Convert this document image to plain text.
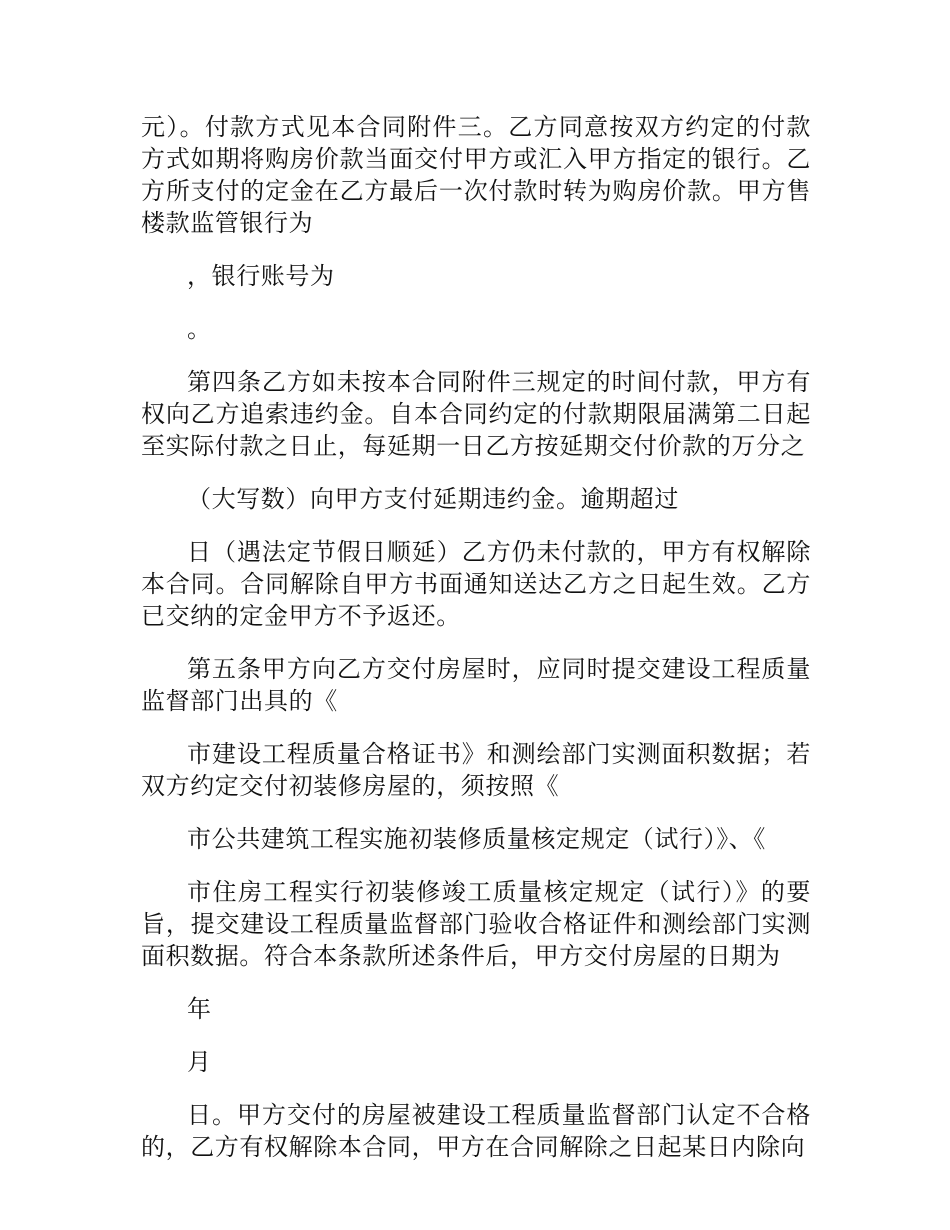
元）。付款方式见本合同附件三。乙方同意按双方约定的付款方式如期将购房价款当面交付甲方或汇入甲方指定的银行。乙方所支付的定金在乙方最后一次付款时转为购房价款。甲方售楼款监管银行为

，银行账号为

。

第四条乙方如未按本合同附件三规定的时间付款，甲方有权向乙方追索违约金。自本合同约定的付款期限届满第二日起至实际付款之日止，每延期一日乙方按延期交付价款的万分之

（大写数）向甲方支付延期违约金。逾期超过

日（遇法定节假日顺延）乙方仍未付款的，甲方有权解除本合同。合同解除自甲方书面通知送达乙方之日起生效。乙方已交纳的定金甲方不予返还。

第五条甲方向乙方交付房屋时，应同时提交建设工程质量监督部门出具的《

市建设工程质量合格证书》和测绘部门实测面积数据；若双方约定交付初装修房屋的，须按照《

市公共建筑工程实施初装修质量核定规定（试行）》、《

市住房工程实行初装修竣工质量核定规定（试行）》的要旨，提交建设工程质量监督部门验收合格证件和测绘部门实测面积数据。符合本条款所述条件后，甲方交付房屋的日期为

年

月

日。甲方交付的房屋被建设工程质量监督部门认定不合格的，乙方有权解除本合同，甲方在合同解除之日起某日内除向
